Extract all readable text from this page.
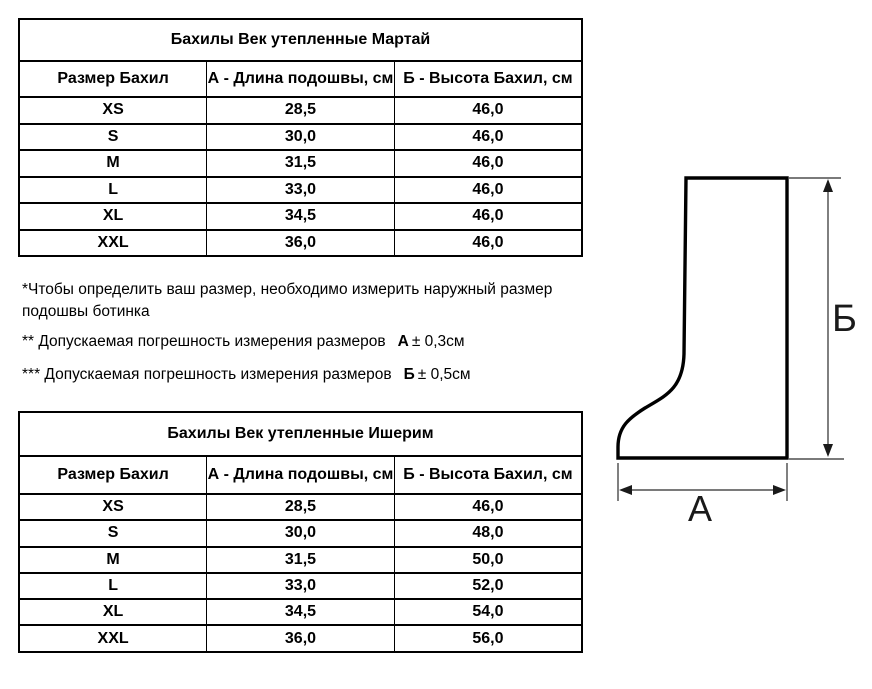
Бахилы Век утепленные Мартай		
Размер Бахил	А - Длина подошвы, см	Б - Высота Бахил, см
XS	28,5	46,0
S	30,0	46,0
M	31,5	46,0
L	33,0	46,0
XL	34,5	46,0
XXL	36,0	46,0
*Чтобы определить ваш размер, необходимо измерить наружный размер подошвы ботинка
** Допускаемая погрешность измерения размеров А ± 0,3см
*** Допускаемая погрешность измерения размеров Б ± 0,5см
Бахилы Век утепленные Ишерим		
Размер Бахил	А - Длина подошвы, см	Б - Высота Бахил, см
XS	28,5	46,0
S	30,0	48,0
M	31,5	50,0
L	33,0	52,0
XL	34,5	54,0
XXL	36,0	56,0
Б
А
